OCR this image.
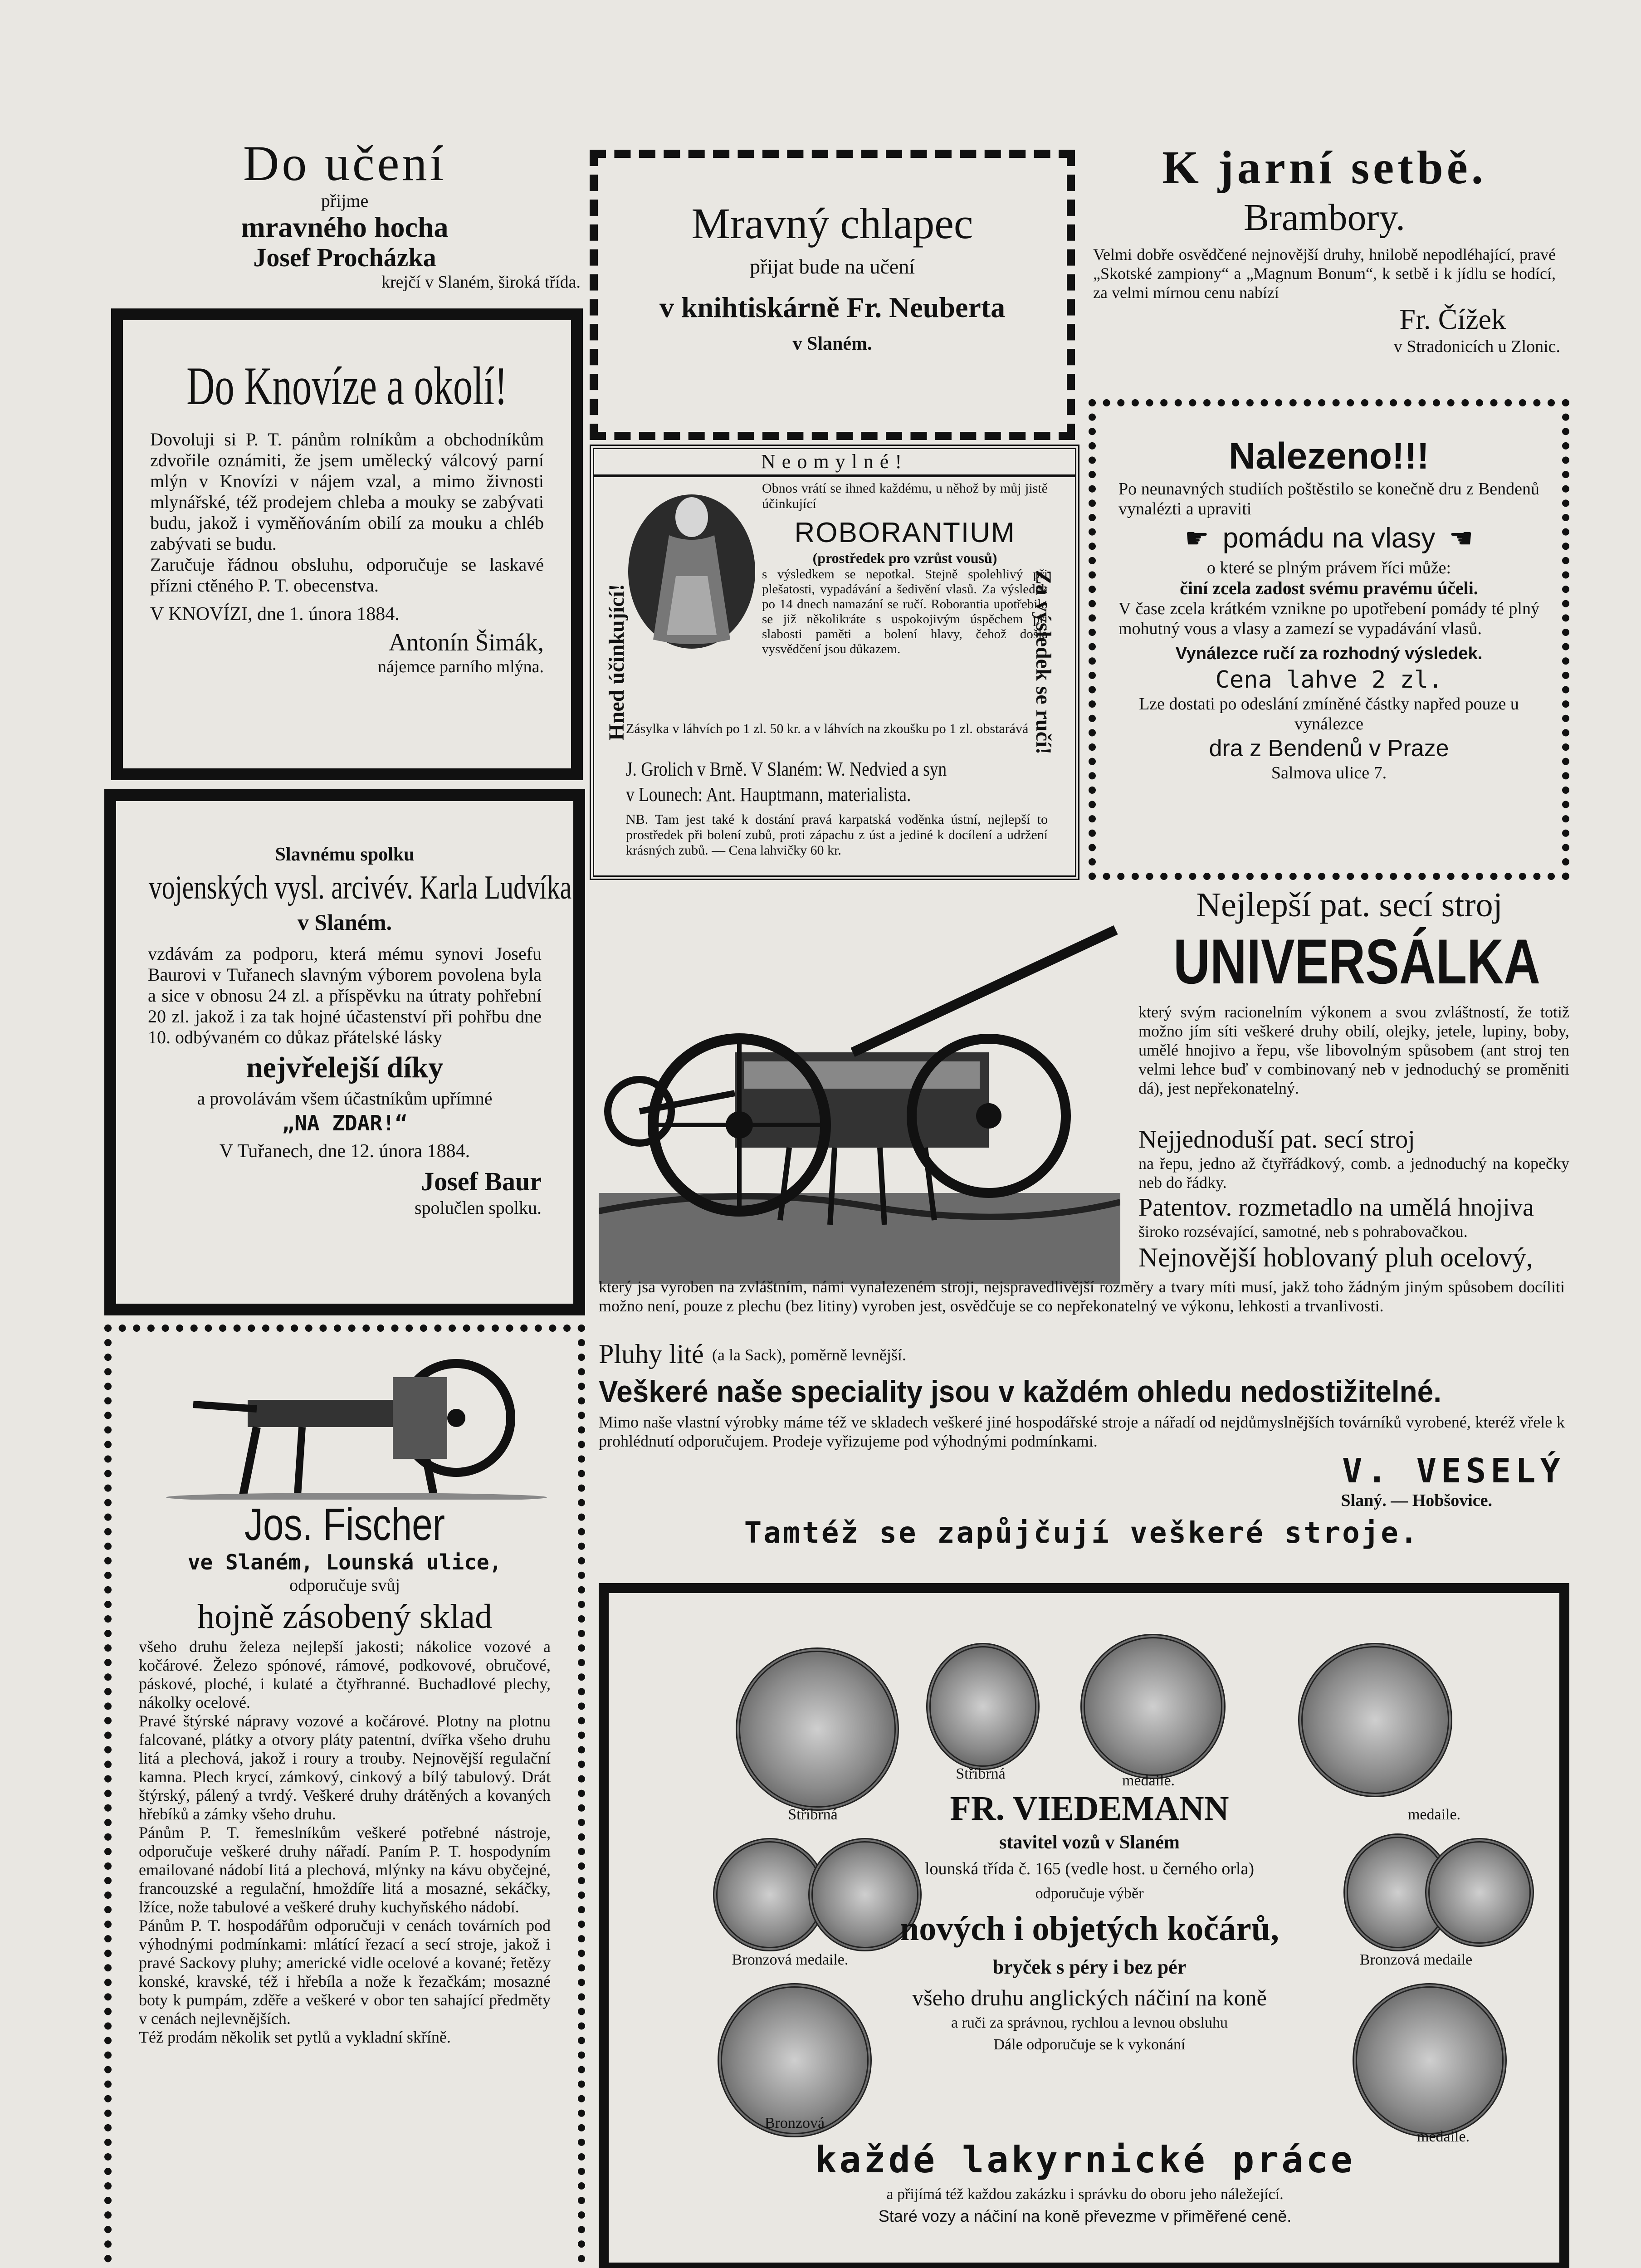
Do učení
přijme
mravného hocha
Josef Procházka
krejčí v Slaném, široká třída.
Mravný chlapec
přijat bude na učení
v knihtiskárně Fr. Neuberta
v Slaném.
K jarní setbě.
Brambory.
Velmi dobře osvědčené nejnovější druhy, hnilobě nepodléhající, pravé „Skotské zampiony“ a „Magnum Bonum“, k setbě i k jídlu se hodící, za velmi mírnou cenu nabízí
Fr. Čížek
v Stradonicích u Zlonic.
Do Knovíze a okolí!
Dovoluji si P. T. pánům rolníkům a obchodníkům zdvořile oznámiti, že jsem umělecký válcový parní mlýn v Knovízi v nájem vzal, a mimo živnosti mlynářské, též prodejem chleba a mouky se zabývati budu, jakož i vyměňováním obilí za mouku a chléb zabývati se budu.
Zaručuje řádnou obsluhu, odporučuje se laskavé přízni ctěného P. T. obecenstva.
V KNOVÍZI, dne 1. února 1884.
Antonín Šimák,
nájemce parního mlýna.
Neomylné!
Hned účinkující!	Za výsledek se ručí!
Obnos vrátí se ihned každému, u něhož by můj jistě účinkující
ROBORANTIUM
(prostředek pro vzrůst vousů)
s výsledkem se nepotkal. Stejně spolehlivý při plešatosti, vypadávání a šedivění vlasů. Za výsledek po 14 dnech namazání se ručí. Roborantia upotřebilo se již několikráte s uspokojivým úspěchem při slabosti paměti a bolení hlavy, čehož došlá vysvědčení jsou důkazem.
Zásylka v láhvích po 1 zl. 50 kr. a v láhvích na zkoušku po 1 zl. obstarává
J. Grolich v Brně. V Slaném: W. Nedvied a syn
v Lounech: Ant. Hauptmann, materialista.
NB. Tam jest také k dostání pravá karpatská voděnka ústní, nejlepší to prostředek při bolení zubů, proti zápachu z úst a jediné k docílení a udržení krásných zubů. — Cena lahvičky 60 kr.
Nalezeno!!!
Po neunavných studiích poštěstilo se konečně dru z Bendenů vynalézti a upraviti
☛ pomádu na vlasy ☚
o které se plným právem říci může:
činí zcela zadost svému pravému účeli.
V čase zcela krátkém vznikne po upotřebení pomády té plný mohutný vous a vlasy a zamezí se vypadávání vlasů.
Vynálezce ručí za rozhodný výsledek.
Cena lahve 2 zl.
Lze dostati po odeslání zmíněné částky napřed pouze u vynálezce
dra z Bendenů v Praze
Salmova ulice 7.
Slavnému spolku
vojenských vysl. arcivév. Karla Ludvíka
v Slaném.
vzdávám za podporu, která mému synovi Josefu Baurovi v Tuřanech slavným výborem povolena byla a sice v obnosu 24 zl. a příspěvku na útraty pohřební 20 zl. jakož i za tak hojné účastenství při pohřbu dne 10. odbývaném co důkaz přátelské lásky
nejvřelejší díky
a provolávám všem účastníkům upřímné
„NA ZDAR!“
V Tuřanech, dne 12. února 1884.
Josef Baur
spolučlen spolku.
Nejlepší pat. secí stroj
UNIVERSÁLKA
který svým racionelním výkonem a svou zvláštností, že totiž možno jím síti veškeré druhy obilí, olejky, jetele, lupiny, boby, umělé hnojivo a řepu, vše libovolným spůsobem (ant stroj ten velmi lehce buď v combinovaný neb v jednoduchý se proměniti dá), jest nepřekonatelný.
Nejjednoduší pat. secí stroj
na řepu, jedno až čtyřřádkový, comb. a jednoduchý na kopečky neb do řádky.
Patentov. rozmetadlo na umělá hnojiva
široko rozsévající, samotné, neb s pohrabovačkou.
Nejnovější hoblovaný pluh ocelový,
který jsa vyroben na zvláštním, námi vynalezeném stroji, nejspravedlivější rozměry a tvary míti musí, jakž toho žádným jiným spůsobem docíliti možno není, pouze z plechu (bez litiny) vyroben jest, osvědčuje se co nepřekonatelný ve výkonu, lehkosti a trvanlivosti.
Pluhy lité (a la Sack), poměrně levnější.
Veškeré naše speciality jsou v každém ohledu nedostižitelné.
Mimo naše vlastní výrobky máme též ve skladech veškeré jiné hospodářské stroje a nářadí od nejdůmyslnějších továrníků vyrobené, kteréž vřele k prohlédnutí odporučujem. Prodeje vyřizujeme pod výhodnými podmínkami.
V. VESELÝ
Slaný. — Hobšovice.
Tamtéž se zapůjčují veškeré stroje.
Jos. Fischer
ve Slaném, Lounská ulice,
odporučuje svůj
hojně zásobený sklad
všeho druhu železa nejlepší jakosti; nákolice vozové a kočárové. Železo spónové, rámové, podkovové, obručové, páskové, ploché, i kulaté a čtyřhranné. Buchadlové plechy, nákolky ocelové.
Pravé štýrské nápravy vozové a kočárové. Plotny na plotnu falcované, plátky a otvory pláty patentní, dvířka všeho druhu litá a plechová, jakož i roury a trouby. Nejnovější regulační kamna. Plech krycí, zámkový, cinkový a bílý tabulový. Drát štýrský, pálený a tvrdý. Veškeré druhy drátěných a kovaných hřebíků a zámky všeho druhu.
Pánům P. T. řemeslníkům veškeré potřebné nástroje, odporučuje veškeré druhy nářadí. Paním P. T. hospodyním emailované nádobí litá a plechová, mlýnky na kávu obyčejné, francouzské a regulační, hmoždíře litá a mosazné, sekáčky, lžíce, nože tabulové a veškeré druhy kuchyňského nádobí.
Pánům P. T. hospodářům odporučuji v cenách továrních pod výhodnými podmínkami: mlátící řezací a secí stroje, jakož i pravé Sackovy pluhy; americké vidle ocelové a kované; řetězy konské, kravské, též i hřebíla a nože k řezačkám; mosazné boty k pumpám, zděře a veškeré v obor ten sahající předměty v cenách nejlevnějších.
Též prodám několik set pytlů a vykladní skříně.
Stříbrná
Stříbrná	medaile.
medaile.
Bronzová medaile.	Bronzová medaile
Bronzová
medaile.
FR. VIEDEMANN
stavitel vozů v Slaném
lounská třída č. 165 (vedle host. u černého orla)
odporučuje výběr
nových i objetých kočárů,
bryček s péry i bez pér
všeho druhu anglických náčiní na koně
a ruči za správnou, rychlou a levnou obsluhu
Dále odporučuje se k vykonání
každé lakyrnické práce
a přijímá též každou zakázku i správku do oboru jeho náležející.
Staré vozy a náčiní na koně převezme v přiměřené ceně.
